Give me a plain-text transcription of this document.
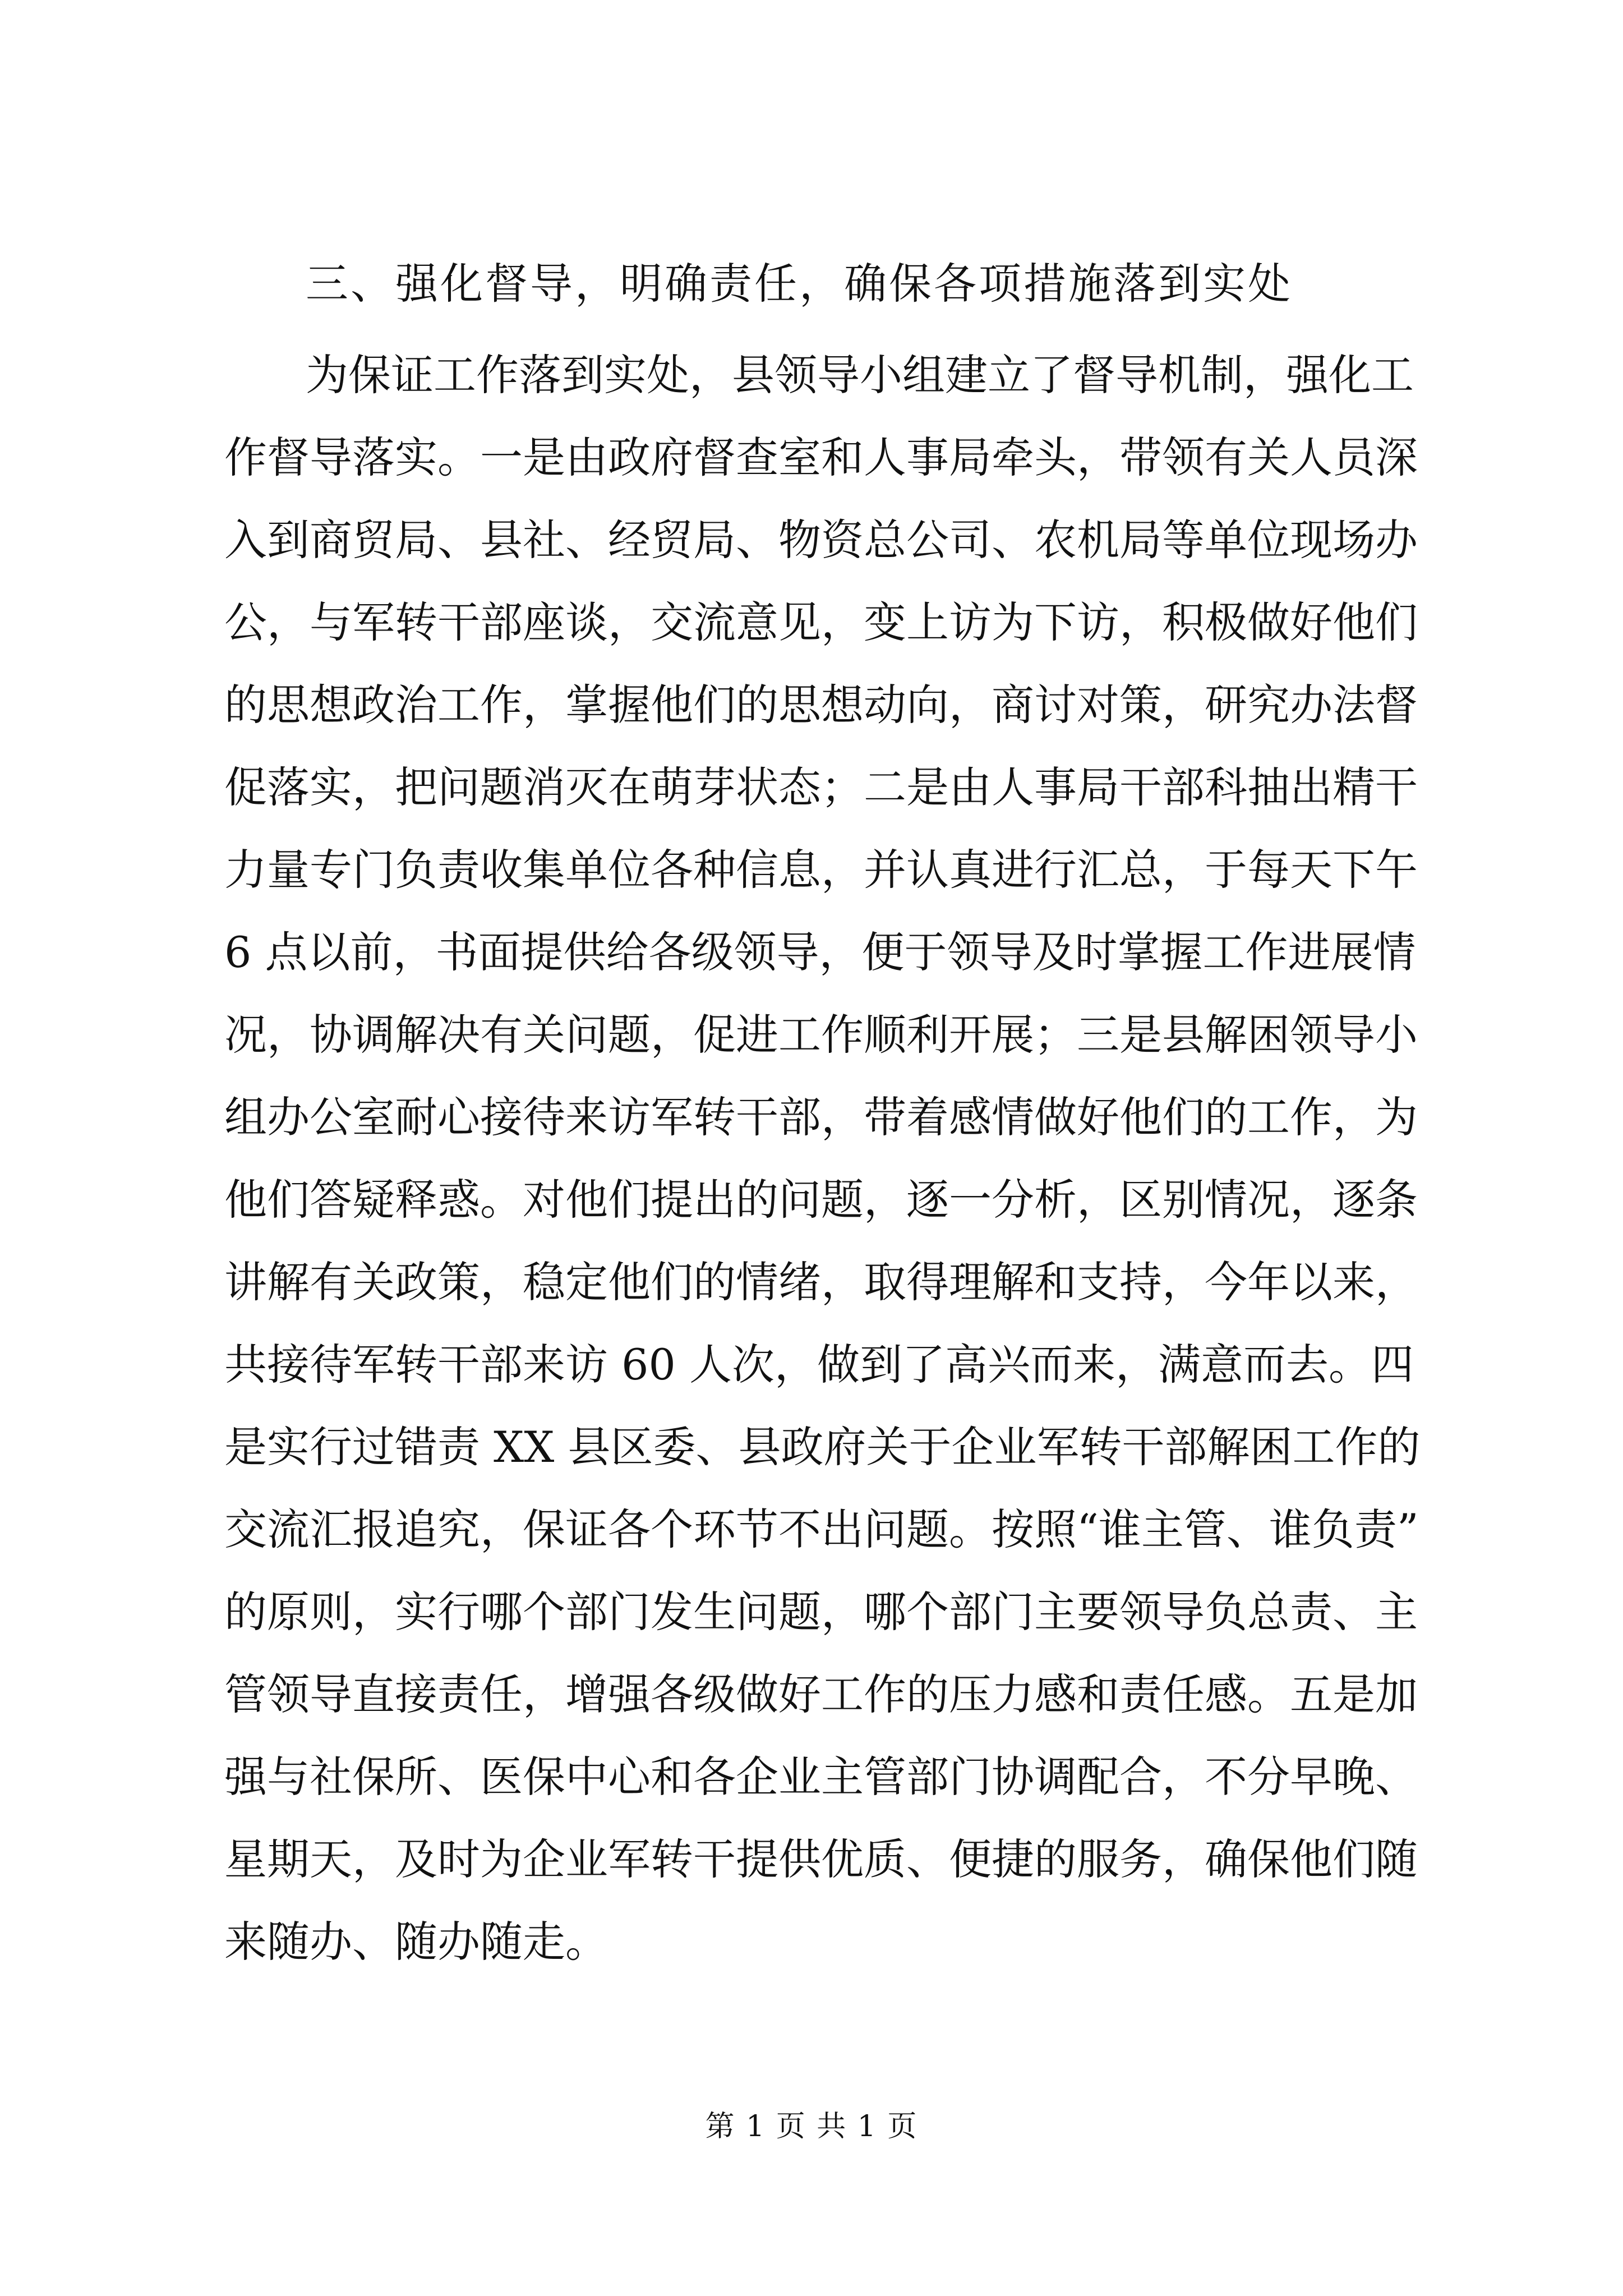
三、强化督导，明确责任，确保各项措施落到实处
为保证工作落到实处，县领导小组建立了督导机制，强化工
作督导落实。一是由政府督查室和人事局牵头，带领有关人员深
入到商贸局、县社、经贸局、物资总公司、农机局等单位现场办
公，与军转干部座谈，交流意见，变上访为下访，积极做好他们
的思想政治工作，掌握他们的思想动向，商讨对策，研究办法督
促落实，把问题消灭在萌芽状态；二是由人事局干部科抽出精干
力量专门负责收集单位各种信息，并认真进行汇总，于每天下午
6 点以前，书面提供给各级领导，便于领导及时掌握工作进展情
况，协调解决有关问题，促进工作顺利开展；三是县解困领导小
组办公室耐心接待来访军转干部，带着感情做好他们的工作，为
他们答疑释惑。对他们提出的问题，逐一分析，区别情况，逐条
讲解有关政策，稳定他们的情绪，取得理解和支持，今年以来，
共接待军转干部来访 60 人次，做到了高兴而来，满意而去。四
是实行过错责 XX 县区委、县政府关于企业军转干部解困工作的
交流汇报追究，保证各个环节不出问题。按照“谁主管、谁负责”
的原则，实行哪个部门发生问题，哪个部门主要领导负总责、主
管领导直接责任，增强各级做好工作的压力感和责任感。五是加
强与社保所、医保中心和各企业主管部门协调配合，不分早晚、
星期天，及时为企业军转干提供优质、便捷的服务，确保他们随
来随办、随办随走。
第 1 页 共 1 页
